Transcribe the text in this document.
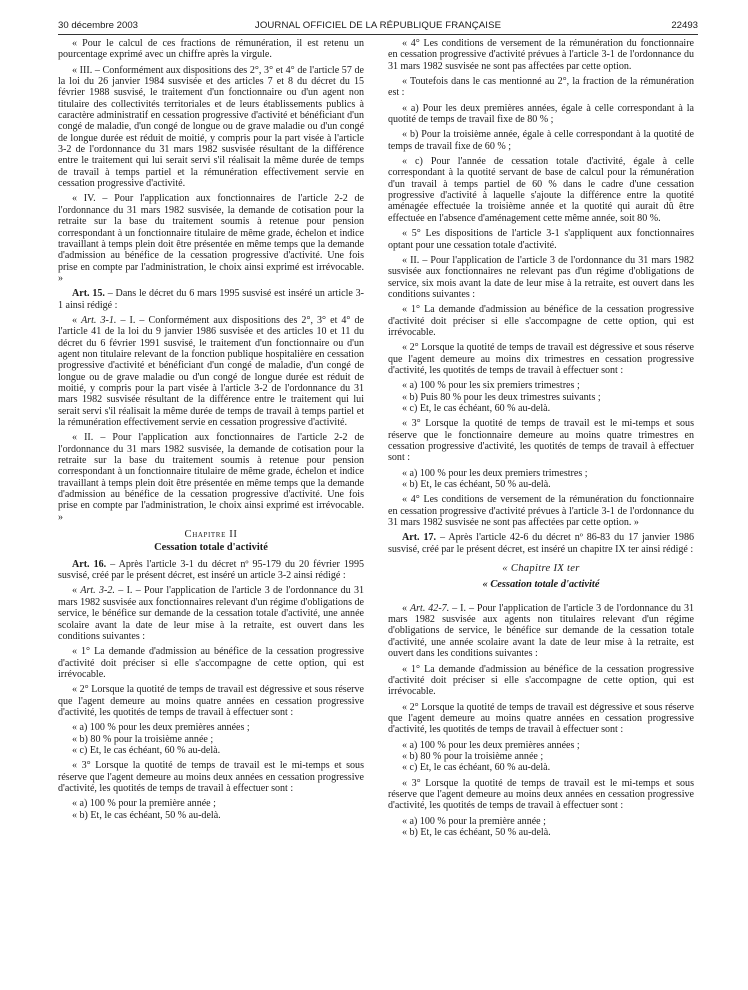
30 décembre 2003	JOURNAL OFFICIEL DE LA RÉPUBLIQUE FRANÇAISE	22493

« Pour le calcul de ces fractions de rémunération, il est retenu un pourcentage exprimé avec un chiffre après la virgule.

« III. – Conformément aux dispositions des 2°, 3° et 4° de l'article 57 de la loi du 26 janvier 1984 susvisée et des articles 7 et 8 du décret du 15 février 1988 susvisé, le traitement d'un fonctionnaire ou d'un agent non titulaire des collectivités territoriales et de leurs établissements publics à caractère administratif en cessation progressive d'activité et bénéficiant d'un congé de maladie, d'un congé de longue ou de grave maladie ou d'un congé de longue durée est réduit de moitié, y compris pour la part visée à l'article 3-2 de l'ordonnance du 31 mars 1982 susvisée résultant de la différence entre le traitement qui lui serait servi s'il réalisait la même durée de temps de travail à temps partiel et la rémunération effectivement servie en cessation progressive d'activité.

« IV. – Pour l'application aux fonctionnaires de l'article 2-2 de l'ordonnance du 31 mars 1982 susvisée, la demande de cotisation pour la retraite sur la base du traitement soumis à retenue pour pension correspondant à un fonctionnaire titulaire de même grade, échelon et indice travaillant à temps plein doit être présentée en même temps que la demande d'admission au bénéfice de la cessation progressive d'activité. Une fois prise en compte par l'administration, le choix ainsi exprimé est irrévocable. »

Art. 15. – Dans le décret du 6 mars 1995 susvisé est inséré un article 3-1 ainsi rédigé :

« Art. 3-1. – I. – Conformément aux dispositions des 2°, 3° et 4° de l'article 41 de la loi du 9 janvier 1986 susvisée et des articles 10 et 11 du décret du 6 février 1991 susvisé, le traitement d'un fonctionnaire ou d'un agent non titulaire relevant de la fonction publique hospitalière en cessation progressive d'activité et bénéficiant d'un congé de maladie, d'un congé de longue ou de grave maladie ou d'un congé de longue durée est réduit de moitié, y compris pour la part visée à l'article 3-2 de l'ordonnance du 31 mars 1982 susvisée résultant de la différence entre le traitement qui lui serait servi s'il réalisait la même durée de temps de travail à temps partiel et la rémunération effectivement servie en cessation progressive d'activité.

« II. – Pour l'application aux fonctionnaires de l'article 2-2 de l'ordonnance du 31 mars 1982 susvisée, la demande de cotisation pour la retraite sur la base du traitement soumis à retenue pour pension correspondant à un fonctionnaire titulaire de même grade, échelon et indice travaillant à temps plein doit être présentée en même temps que la demande d'admission au bénéfice de la cessation progressive d'activité. Une fois prise en compte par l'administration, le choix ainsi exprimé est irrévocable. »

Chapitre II
Cessation totale d'activité

Art. 16. – Après l'article 3-1 du décret nº 95-179 du 20 février 1995 susvisé, créé par le présent décret, est inséré un article 3-2 ainsi rédigé :

« Art. 3-2. – I. – Pour l'application de l'article 3 de l'ordonnance du 31 mars 1982 susvisée aux fonctionnaires relevant d'un régime d'obligations de service, le bénéfice sur demande de la cessation totale d'activité, une année scolaire avant la date de leur mise à la retraite, est ouvert dans les conditions suivantes :

« 1° La demande d'admission au bénéfice de la cessation progressive d'activité doit préciser si elle s'accompagne de cette option, qui est irrévocable.

« 2° Lorsque la quotité de temps de travail est dégressive et sous réserve que l'agent demeure au moins quatre années en cessation progressive d'activité, les quotités de temps de travail à effectuer sont :

« a) 100 % pour les deux premières années ;

« b) 80 % pour la troisième année ;

« c) Et, le cas échéant, 60 % au-delà.

« 3° Lorsque la quotité de temps de travail est le mi-temps et sous réserve que l'agent demeure au moins deux années en cessation progressive d'activité, les quotités de temps de travail à effectuer sont :

« a) 100 % pour la première année ;

« b) Et, le cas échéant, 50 % au-delà.

« 4° Les conditions de versement de la rémunération du fonctionnaire en cessation progressive d'activité prévues à l'article 3-1 de l'ordonnance du 31 mars 1982 susvisée ne sont pas affectées par cette option.

« Toutefois dans le cas mentionné au 2°, la fraction de la rémunération est :

« a) Pour les deux premières années, égale à celle correspondant à la quotité de temps de travail fixe de 80 % ;

« b) Pour la troisième année, égale à celle correspondant à la quotité de temps de travail fixe de 60 % ;

« c) Pour l'année de cessation totale d'activité, égale à celle correspondant à la quotité servant de base de calcul pour la rémunération d'un travail à temps partiel de 60 % dans le cadre d'une cessation progressive d'activité à laquelle s'ajoute la différence entre la quotité aménagée effectuée la troisième année et la quotité qui aurait dû être effectuée en l'absence d'aménagement cette même année, soit 80 %.

« 5° Les dispositions de l'article 3-1 s'appliquent aux fonctionnaires optant pour une cessation totale d'activité.

« II. – Pour l'application de l'article 3 de l'ordonnance du 31 mars 1982 susvisée aux fonctionnaires ne relevant pas d'un régime d'obligations de service, six mois avant la date de leur mise à la retraite, est ouvert dans les conditions suivantes :

« 1° La demande d'admission au bénéfice de la cessation progressive d'activité doit préciser si elle s'accompagne de cette option, qui est irrévocable.

« 2° Lorsque la quotité de temps de travail est dégressive et sous réserve que l'agent demeure au moins dix trimestres en cessation progressive d'activité, les quotités de temps de travail à effectuer sont :

« a) 100 % pour les six premiers trimestres ;

« b) Puis 80 % pour les deux trimestres suivants ;

« c) Et, le cas échéant, 60 % au-delà.

« 3° Lorsque la quotité de temps de travail est le mi-temps et sous réserve que le fonctionnaire demeure au moins quatre trimestres en cessation progressive d'activité, les quotités de temps de travail à effectuer sont :

« a) 100 % pour les deux premiers trimestres ;

« b) Et, le cas échéant, 50 % au-delà.

« 4° Les conditions de versement de la rémunération du fonctionnaire en cessation progressive d'activité prévues à l'article 3-1 de l'ordonnance du 31 mars 1982 susvisée ne sont pas affectées par cette option. »

Art. 17. – Après l'article 42-6 du décret nº 86-83 du 17 janvier 1986 susvisé, créé par le présent décret, est inséré un chapitre IX ter ainsi rédigé :

« Chapitre IX ter
« Cessation totale d'activité

« Art. 42-7. – I. – Pour l'application de l'article 3 de l'ordonnance du 31 mars 1982 susvisée aux agents non titulaires relevant d'un régime d'obligations de service, le bénéfice sur demande de la cessation totale d'activité, une année scolaire avant la date de leur mise à la retraite, est ouvert dans les conditions suivantes :

« 1° La demande d'admission au bénéfice de la cessation progressive d'activité doit préciser si elle s'accompagne de cette option, qui est irrévocable.

« 2° Lorsque la quotité de temps de travail est dégressive et sous réserve que l'agent demeure au moins quatre années en cessation progressive d'activité, les quotités de temps de travail à effectuer sont :

« a) 100 % pour les deux premières années ;

« b) 80 % pour la troisième année ;

« c) Et, le cas échéant, 60 % au-delà.

« 3° Lorsque la quotité de temps de travail est le mi-temps et sous réserve que l'agent demeure au moins deux années en cessation progressive d'activité, les quotités de temps de travail à effectuer sont :

« a) 100 % pour la première année ;

« b) Et, le cas échéant, 50 % au-delà.
